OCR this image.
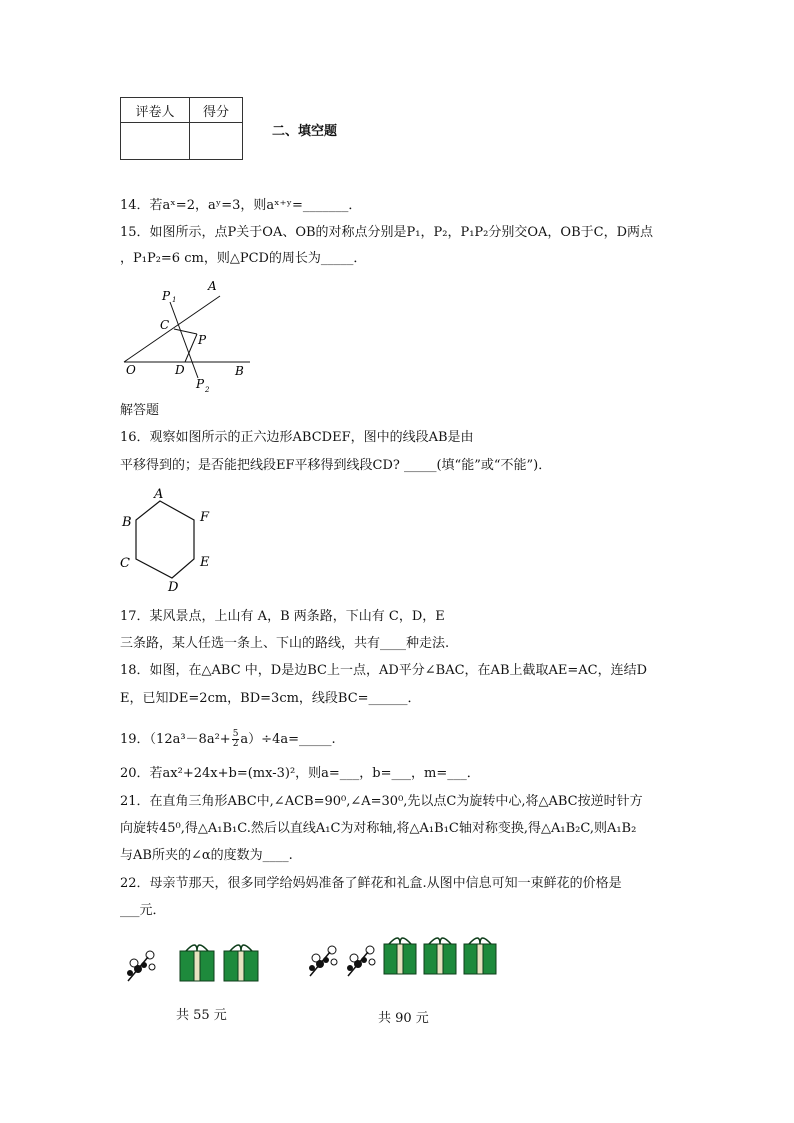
评卷人	得分

二、填空题
14．若aˣ=2，aʸ=3，则aˣ⁺ʸ=_______．
15．如图所示，点P关于OA、OB的对称点分别是P₁，P₂，P₁P₂分别交OA，OB于C，D两点
，P₁P₂=6 cm，则△PCD的周长为_____．
A
B
O
C
D
P
P 1
P 2
解答题
16．观察如图所示的正六边形ABCDEF，图中的线段AB是由
平移得到的；是否能把线段EF平移得到线段CD? _____(填“能”或“不能”)．
A
B
C
D
E
F
17．某风景点，上山有 A，B 两条路，下山有 C，D，E
三条路，某人任选一条上、下山的路线，共有____种走法.
18．如图，在△ABC 中，D是边BC上一点，AD平分∠BAC，在AB上截取AE=AC，连结D
E，已知DE=2cm，BD=3cm，线段BC=______．
19．（$12a^3-8a^2+ \frac{5}{2}$ a）÷4a=_____.
20．若ax²+24x+b=(mx-3)²，则a=___，b=___，m=___．
21．在直角三角形ABC中,∠ACB=90⁰,∠A=30⁰,先以点C为旋转中心,将△ABC按逆时针方
向旋转45⁰,得△A₁B₁C.然后以直线A₁C为对称轴,将△A₁B₁C轴对称变换,得△A₁B₂C,则A₁B₂
与AB所夹的∠α的度数为____.
22．母亲节那天，很多同学给妈妈准备了鲜花和礼盒.从图中信息可知一束鲜花的价格是
___元．
共 55 元	共 90 元
